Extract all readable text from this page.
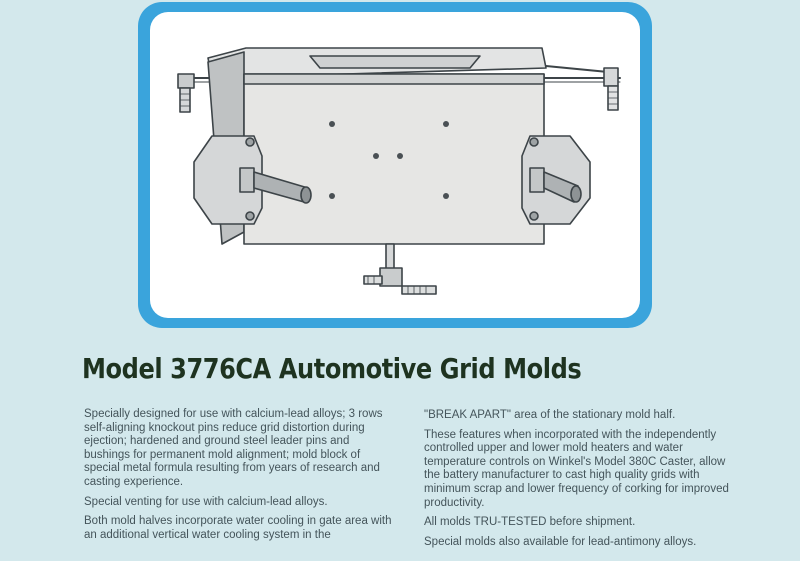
Model 3776CA Automotive Grid Molds

Specially designed for use with calcium-lead alloys; 3 rows self-aligning knockout pins reduce grid distortion during ejection; hardened and ground steel leader pins and bushings for permanent mold alignment; mold block of special metal formula resulting from years of research and casting experience.

Special venting for use with calcium-lead alloys.

Both mold halves incorporate water cooling in gate area with an additional vertical water cooling system in the

"BREAK APART" area of the stationary mold half.

These features when incorporated with the independently controlled upper and lower mold heaters and water temperature controls on Winkel's Model 380C Caster, allow the battery manufacturer to cast high quality grids with minimum scrap and lower frequency of corking for improved productivity.

All molds TRU-TESTED before shipment.

Special molds also available for lead-antimony alloys.
